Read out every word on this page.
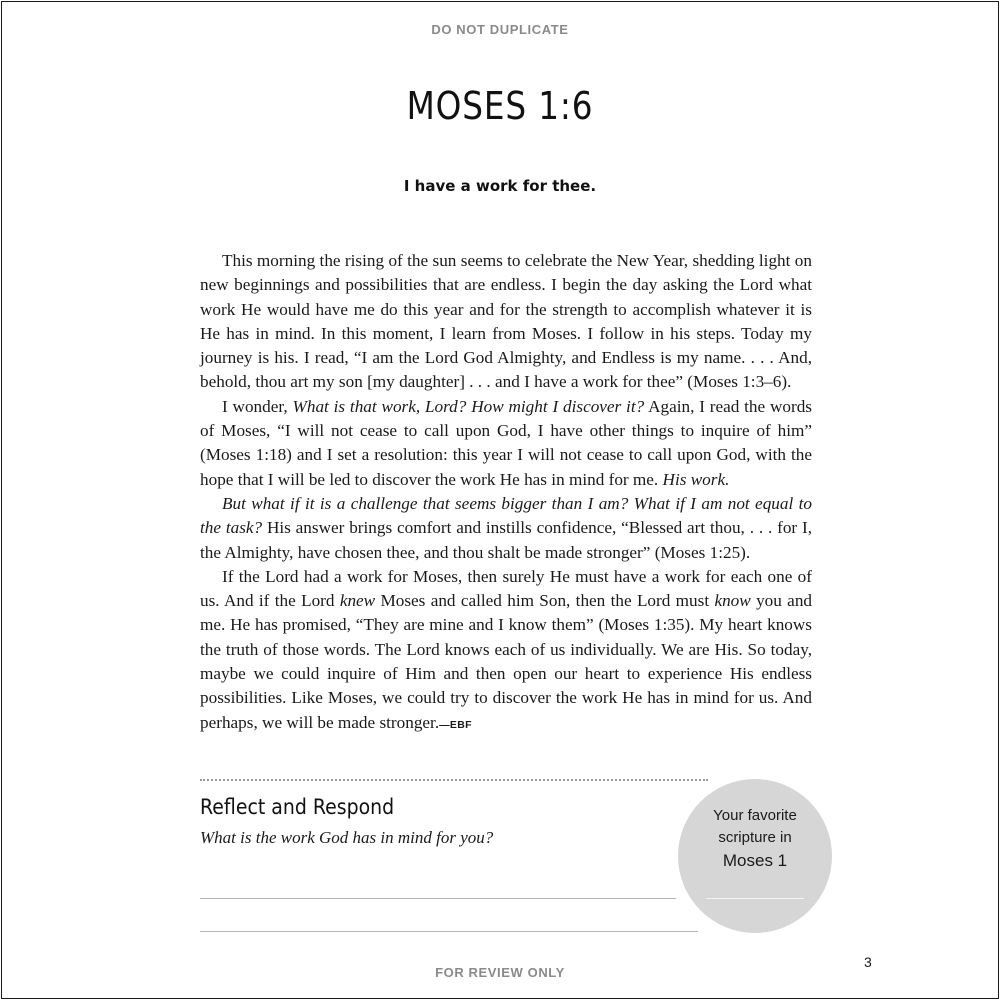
DO NOT DUPLICATE
MOSES 1:6
I have a work for thee.

This morning the rising of the sun seems to celebrate the New Year, shedding light on new beginnings and possibilities that are endless. I begin the day asking the Lord what work He would have me do this year and for the strength to accomplish whatever it is He has in mind. In this moment, I learn from Moses. I follow in his steps. Today my journey is his. I read, “I am the Lord God Almighty, and Endless is my name. . . . And, behold, thou art my son [my daughter] . . . and I have a work for thee” (Moses 1:3–6).

I wonder, What is that work, Lord? How might I discover it? Again, I read the words of Moses, “I will not cease to call upon God, I have other things to inquire of him” (Moses 1:18) and I set a resolution: this year I will not cease to call upon God, with the hope that I will be led to discover the work He has in mind for me. His work.

But what if it is a challenge that seems bigger than I am? What if I am not equal to the task? His answer brings comfort and instills confidence, “Blessed art thou, . . . for I, the Almighty, have chosen thee, and thou shalt be made stronger” (Moses 1:25).

If the Lord had a work for Moses, then surely He must have a work for each one of us. And if the Lord knew Moses and called him Son, then the Lord must know you and me. He has promised, “They are mine and I know them” (Moses 1:35). My heart knows the truth of those words. The Lord knows each of us individually. We are His. So today, maybe we could inquire of Him and then open our heart to experience His endless possibilities. Like Moses, we could try to discover the work He has in mind for us. And perhaps, we will be made stronger.—EBF

Reflect and Respond
What is the work God has in mind for you?
Your favorite
scripture in
Moses 1
3
FOR REVIEW ONLY
